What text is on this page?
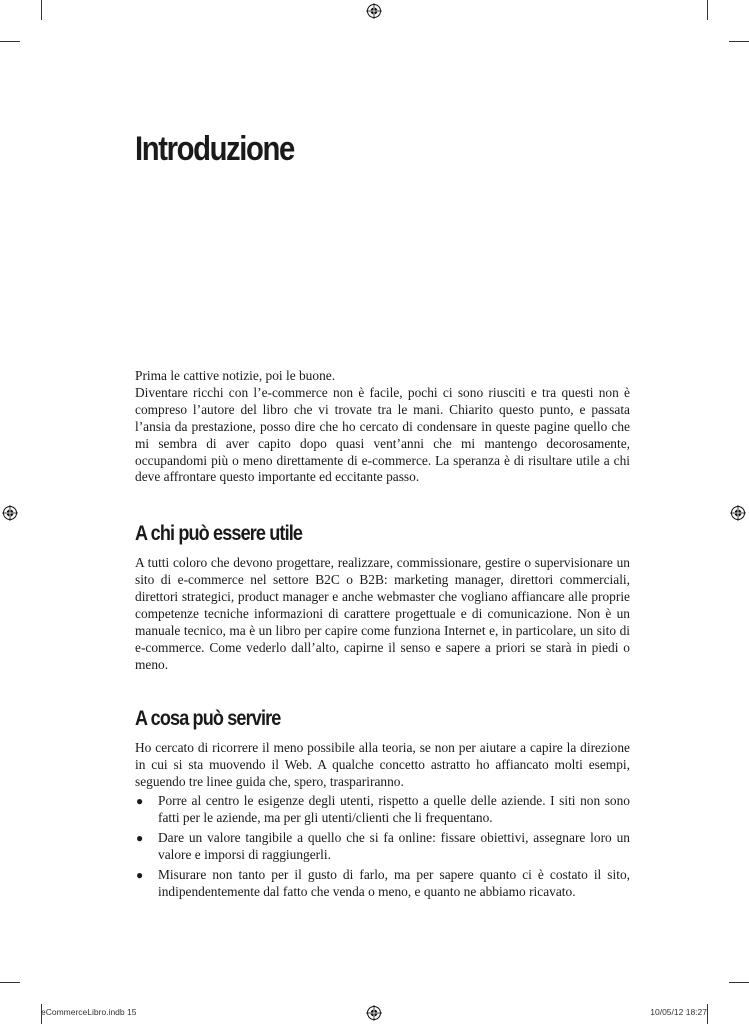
Introduzione

Prima le cattive notizie, poi le buone.

Diventare ricchi con l’e-commerce non è facile, pochi ci sono riusciti e tra questi non è compreso l’autore del libro che vi trovate tra le mani. Chiarito questo punto, e passata l’ansia da prestazione, posso dire che ho cercato di condensare in queste pagine quello che mi sembra di aver capito dopo quasi vent’anni che mi mantengo decorosamente, occupandomi più o meno direttamente di e-commerce. La speranza è di risultare utile a chi deve affrontare questo importante ed eccitante passo.

A chi può essere utile

A tutti coloro che devono progettare, realizzare, commissionare, gestire o supervisionare un sito di e-commerce nel settore B2C o B2B: marketing manager, direttori commerciali, direttori strategici, product manager e anche webmaster che vogliano affiancare alle proprie competenze tecniche informazioni di carattere progettuale e di comunicazione. Non è un manuale tecnico, ma è un libro per capire come funziona Internet e, in particolare, un sito di e-commerce. Come vederlo dall’alto, capirne il senso e sapere a priori se starà in piedi o meno.

A cosa può servire

Ho cercato di ricorrere il meno possibile alla teoria, se non per aiutare a capire la direzione in cui si sta muovendo il Web. A qualche concetto astratto ho affiancato molti esempi, seguendo tre linee guida che, spero, traspariranno.

● Porre al centro le esigenze degli utenti, rispetto a quelle delle aziende. I siti non sono fatti per le aziende, ma per gli utenti/clienti che li frequentano.
● Dare un valore tangibile a quello che si fa online: fissare obiettivi, assegnare loro un valore e imporsi di raggiungerli.
● Misurare non tanto per il gusto di farlo, ma per sapere quanto ci è costato il sito, indipendentemente dal fatto che venda o meno, e quanto ne abbiamo ricavato.
eCommerceLibro.indb 15	10/05/12 18:27
